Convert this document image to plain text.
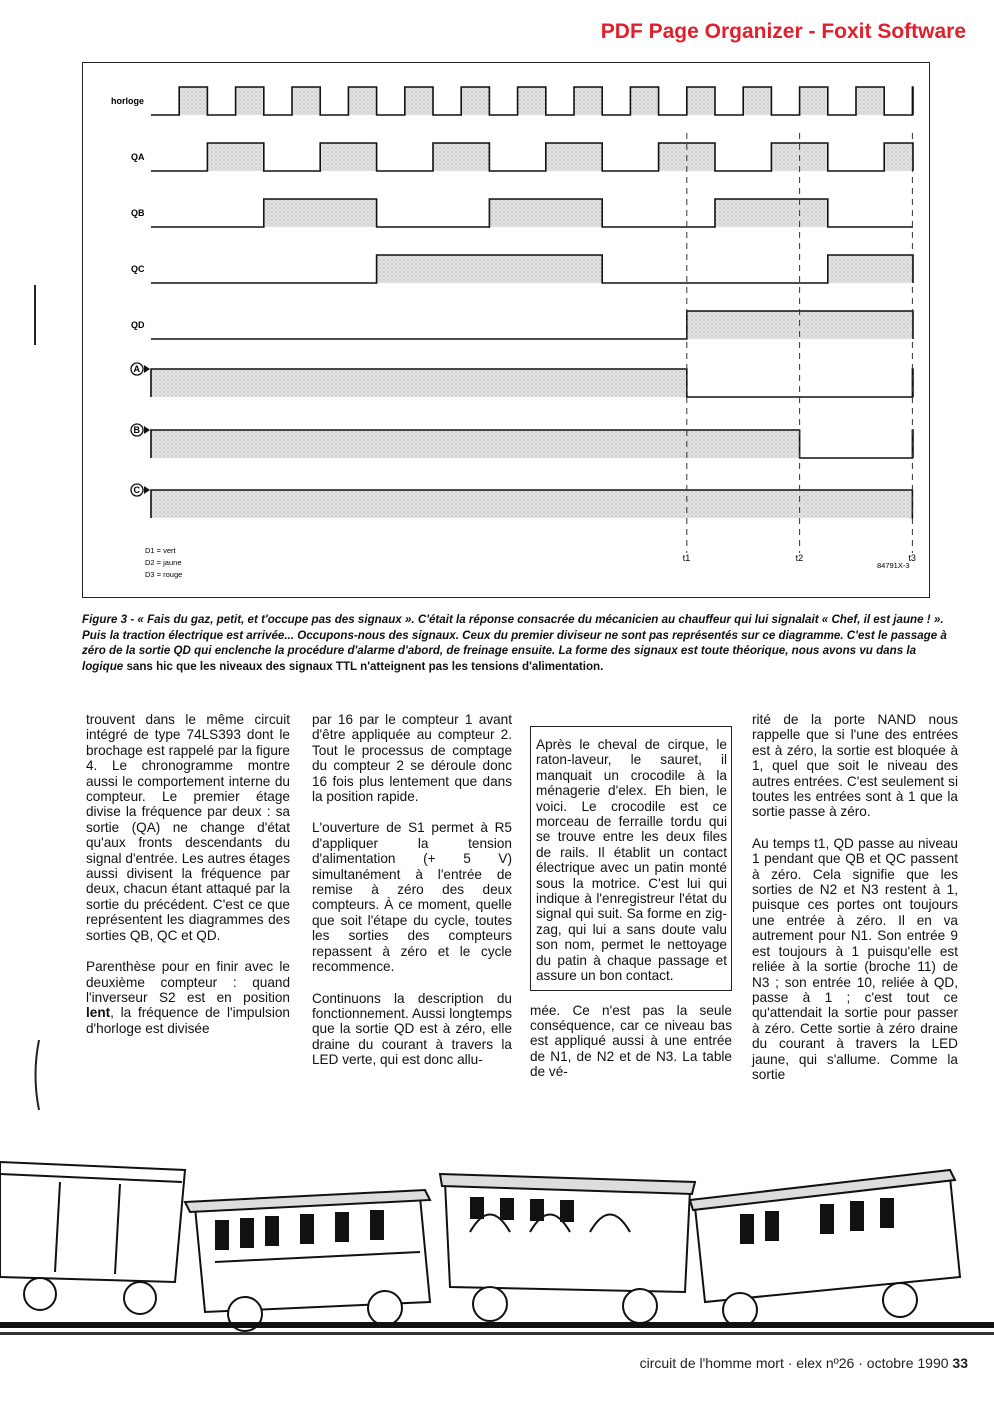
PDF Page Organizer - Foxit Software
horloge
QA
QB
QC
QD
A
B
C
t1	t2	t3
D1 = vert
D2 = jaune
D3 = rouge
84791X-3
Figure 3 - « Fais du gaz, petit, et t'occupe pas des signaux ». C'était la réponse consacrée du mécanicien au chauffeur qui lui signalait « Chef, il est jaune ! ». Puis la traction électrique est arrivée... Occupons-nous des signaux. Ceux du premier diviseur ne sont pas représentés sur ce diagramme. C'est le passage à zéro de la sortie QD qui enclenche la procédure d'alarme d'abord, de freinage ensuite. La forme des signaux est toute théorique, nous avons vu dans la logique sans hic que les niveaux des signaux TTL n'atteignent pas les tensions d'alimentation.

trouvent dans le même circuit intégré de type 74LS393 dont le brochage est rappelé par la figure 4. Le chronogramme montre aussi le comportement interne du compteur. Le premier étage divise la fréquence par deux : sa sortie (QA) ne change d'état qu'aux fronts descendants du signal d'entrée. Les autres étages aussi divisent la fréquence par deux, chacun étant attaqué par la sortie du précédent. C'est ce que représentent les diagrammes des sorties QB, QC et QD.

Parenthèse pour en finir avec le deuxième compteur : quand l'inverseur S2 est en position lent, la fréquence de l'impulsion d'horloge est divisée

par 16 par le compteur 1 avant d'être appliquée au compteur 2. Tout le processus de comptage du compteur 2 se déroule donc 16 fois plus lentement que dans la position rapide.

L'ouverture de S1 permet à R5 d'appliquer la tension d'alimentation (+ 5 V) simultanément à l'entrée de remise à zéro des deux compteurs. À ce moment, quelle que soit l'étape du cycle, toutes les sorties des compteurs repassent à zéro et le cycle recommence.

Continuons la description du fonctionnement. Aussi longtemps que la sortie QD est à zéro, elle draine du courant à travers la LED verte, qui est donc allu-

Après le cheval de cirque, le raton-laveur, le sauret, il manquait un crocodile à la ménagerie d'elex. Eh bien, le voici. Le crocodile est ce morceau de ferraille tordu qui se trouve entre les deux files de rails. Il établit un contact électrique avec un patin monté sous la motrice. C'est lui qui indique à l'enregistreur l'état du signal qui suit. Sa forme en zig-zag, qui lui a sans doute valu son nom, permet le nettoyage du patin à chaque passage et assure un bon contact.

mée. Ce n'est pas la seule conséquence, car ce niveau bas est appliqué aussi à une entrée de N1, de N2 et de N3. La table de vé-

rité de la porte NAND nous rappelle que si l'une des entrées est à zéro, la sortie est bloquée à 1, quel que soit le niveau des autres entrées. C'est seulement si toutes les entrées sont à 1 que la sortie passe à zéro.

Au temps t1, QD passe au niveau 1 pendant que QB et QC passent à zéro. Cela signifie que les sorties de N2 et N3 restent à 1, puisque ces portes ont toujours une entrée à zéro. Il en va autrement pour N1. Son entrée 9 est toujours à 1 puisqu'elle est reliée à la sortie (broche 11) de N3 ; son entrée 10, reliée à QD, passe à 1 ; c'est tout ce qu'attendait la sortie pour passer à zéro. Cette sortie à zéro draine du courant à travers la LED jaune, qui s'allume. Comme la sortie

circuit de l'homme mort · elex nº26 · octobre 1990 33
